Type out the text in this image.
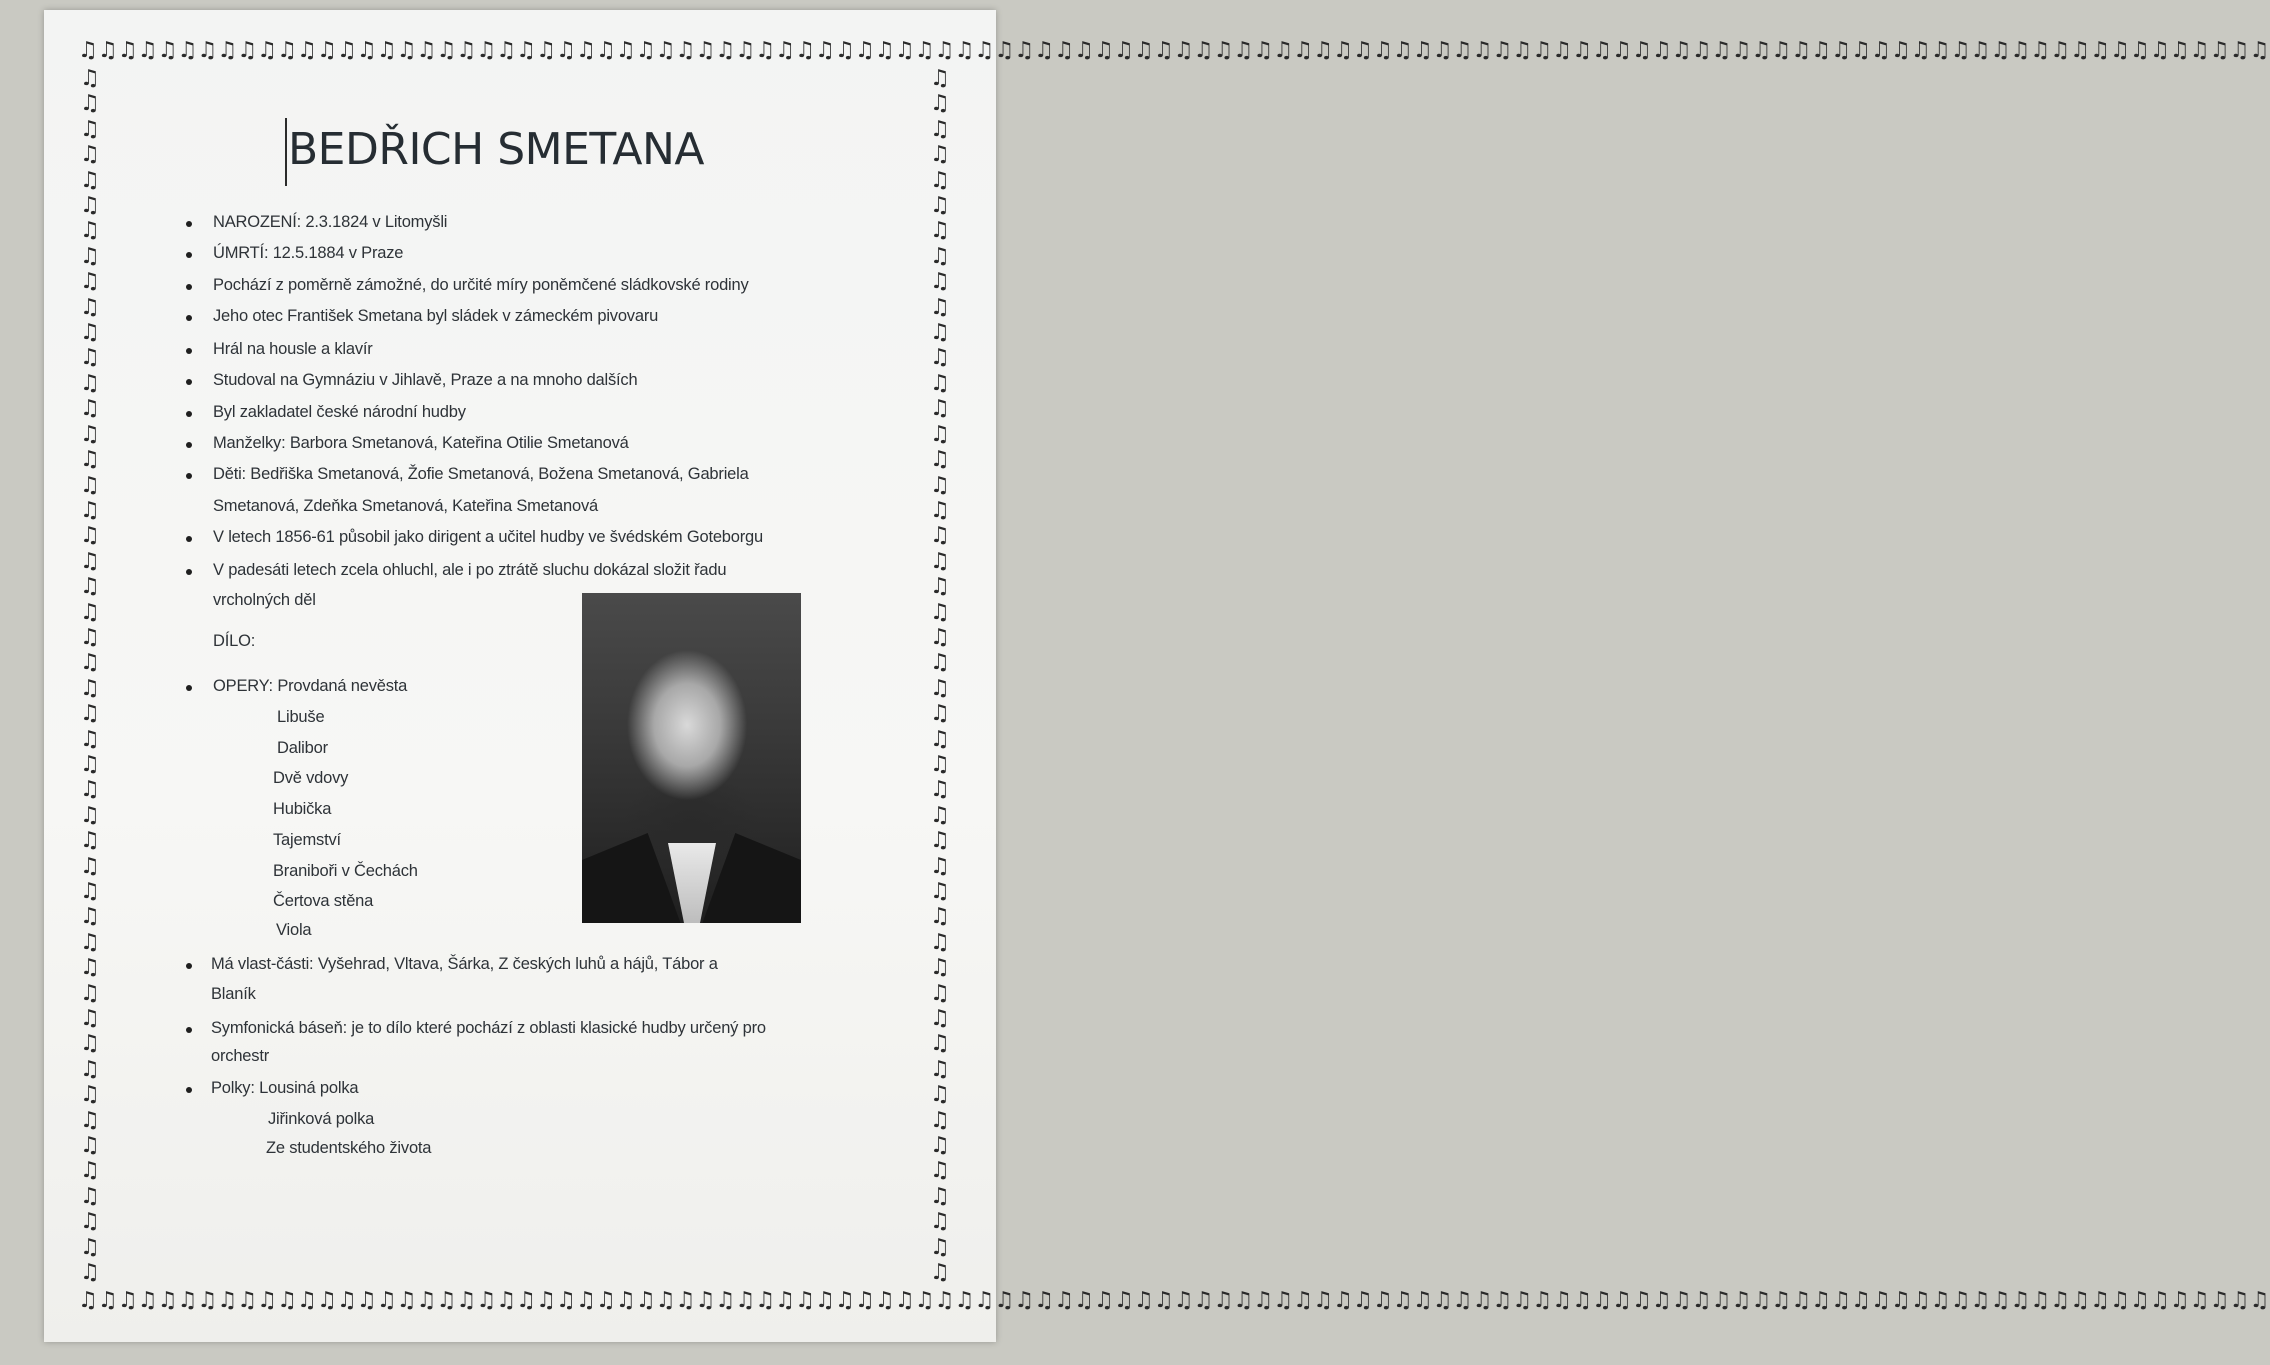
♫♫♫♫♫♫♫♫♫♫♫♫♫♫♫♫♫♫♫♫♫♫♫♫♫♫♫♫♫♫♫♫♫♫♫♫♫♫♫♫♫♫♫♫♫♫♫♫♫♫♫♫♫♫♫♫♫♫♫♫♫♫♫♫♫♫♫♫♫♫♫♫♫♫♫♫♫♫♫♫♫♫♫♫♫♫♫♫♫♫♫♫♫♫♫♫♫♫♫♫♫♫♫♫♫♫♫♫♫♫
♫♫♫♫♫♫♫♫♫♫♫♫♫♫♫♫♫♫♫♫♫♫♫♫♫♫♫♫♫♫♫♫♫♫♫♫♫♫♫♫♫♫♫♫♫♫♫♫♫♫♫♫♫♫♫♫♫♫♫♫♫♫♫♫♫♫♫♫♫♫♫♫♫♫♫♫♫♫♫♫♫♫♫♫♫♫♫♫♫♫♫♫♫♫♫♫♫♫♫♫♫♫♫♫♫♫♫♫♫♫
♫♫♫♫♫♫♫♫♫♫♫♫♫♫♫♫♫♫♫♫♫♫♫♫♫♫♫♫♫♫♫♫♫♫♫♫♫♫♫♫♫♫♫♫♫♫♫♫
♫♫♫♫♫♫♫♫♫♫♫♫♫♫♫♫♫♫♫♫♫♫♫♫♫♫♫♫♫♫♫♫♫♫♫♫♫♫♫♫♫♫♫♫♫♫♫♫
BEDŘICH SMETANA
NAROZENÍ: 2.3.1824 v Litomyšli
ÚMRTÍ: 12.5.1884 v Praze
Pochází z poměrně zámožné, do určité míry poněmčené sládkovské rodiny
Jeho otec František Smetana byl sládek v zámeckém pivovaru
Hrál na housle a klavír
Studoval na Gymnáziu v Jihlavě, Praze a na mnoho dalších
Byl zakladatel české národní hudby
Manželky: Barbora Smetanová, Kateřina Otilie Smetanová
Děti: Bedřiška Smetanová, Žofie Smetanová, Božena Smetanová, Gabriela
Smetanová, Zdeňka Smetanová, Kateřina Smetanová
V letech 1856-61 působil jako dirigent a učitel hudby ve švédském Goteborgu
V padesáti letech zcela ohluchl, ale i po ztrátě sluchu dokázal složit řadu
vrcholných děl
DÍLO:
OPERY: Provdaná nevěsta
Libuše
Dalibor
Dvě vdovy
Hubička
Tajemství
Braniboři v Čechách
Čertova stěna
Viola
Má vlast-části: Vyšehrad, Vltava, Šárka, Z českých luhů a hájů, Tábor a
Blaník
Symfonická báseň: je to dílo které pochází z oblasti klasické hudby určený pro
orchestr
Polky: Lousiná polka
Jiřinková polka
Ze studentského života
